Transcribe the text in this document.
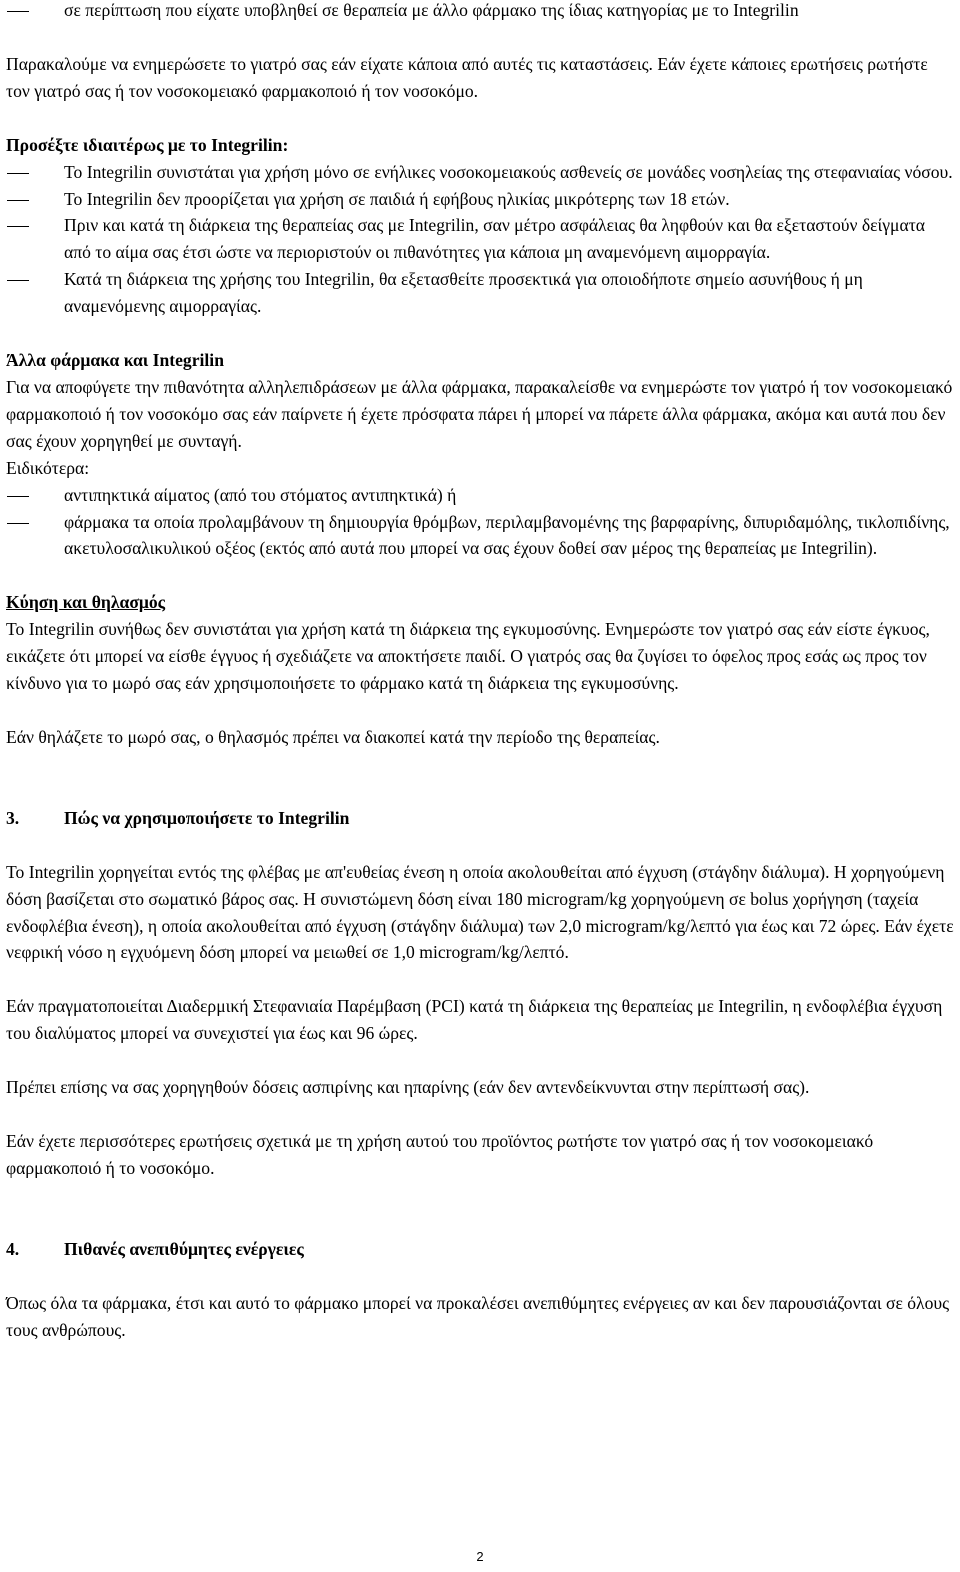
σε περίπτωση που είχατε υποβληθεί σε θεραπεία με άλλο φάρμακο της ίδιας κατηγορίας με το Integrilin

Παρακαλούμε να ενημερώσετε το γιατρό σας εάν είχατε κάποια από αυτές τις καταστάσεις. Εάν έχετε κάποιες ερωτήσεις ρωτήστε τον γιατρό σας ή τον νοσοκομειακό φαρμακοποιό ή τον νοσοκόμο.

Προσέξτε ιδιαιτέρως με το Integrilin:

Το Integrilin συνιστάται για χρήση μόνο σε ενήλικες νοσοκομειακούς ασθενείς σε μονάδες νοσηλείας της στεφανιαίας νόσου.
Το Integrilin δεν προορίζεται για χρήση σε παιδιά ή εφήβους ηλικίας μικρότερης των 18 ετών.
Πριν και κατά τη διάρκεια της θεραπείας σας με Integrilin, σαν μέτρο ασφάλειας θα ληφθούν και θα εξεταστούν δείγματα από το αίμα σας έτσι ώστε να περιοριστούν οι πιθανότητες για κάποια μη αναμενόμενη αιμορραγία.
Κατά τη διάρκεια της χρήσης του Integrilin, θα εξετασθείτε προσεκτικά για οποιοδήποτε σημείο ασυνήθους ή μη αναμενόμενης αιμορραγίας.

Άλλα φάρμακα και Integrilin

Για να αποφύγετε την πιθανότητα αλληλεπιδράσεων με άλλα φάρμακα, παρακαλείσθε να ενημερώστε τον γιατρό ή τον νοσοκομειακό φαρμακοποιό ή τον νοσοκόμο σας εάν παίρνετε ή έχετε πρόσφατα πάρει ή μπορεί να πάρετε άλλα φάρμακα, ακόμα και αυτά που δεν σας έχουν χορηγηθεί με συνταγή.

Ειδικότερα:

αντιπηκτικά αίματος (από του στόματος αντιπηκτικά) ή
φάρμακα τα οποία προλαμβάνουν τη δημιουργία θρόμβων, περιλαμβανομένης της βαρφαρίνης, διπυριδαμόλης, τικλοπιδίνης, ακετυλοσαλικυλικού οξέος (εκτός από αυτά που μπορεί να σας έχουν δοθεί σαν μέρος της θεραπείας με Integrilin).

Κύηση και θηλασμός

Το Integrilin συνήθως δεν συνιστάται για χρήση κατά τη διάρκεια της εγκυμοσύνης. Ενημερώστε τον γιατρό σας εάν είστε έγκυος, εικάζετε ότι μπορεί να είσθε έγγυος ή σχεδιάζετε να αποκτήσετε παιδί. Ο γιατρός σας θα ζυγίσει το όφελος προς εσάς ως προς τον κίνδυνο για το μωρό σας εάν χρησιμοποιήσετε το φάρμακο κατά τη διάρκεια της εγκυμοσύνης.

Εάν θηλάζετε το μωρό σας, ο θηλασμός πρέπει να διακοπεί κατά την περίοδο της θεραπείας.

3.	Πώς να χρησιμοποιήσετε το Integrilin

Το Integrilin χορηγείται εντός της φλέβας με απ'ευθείας ένεση η οποία ακολουθείται από έγχυση (στάγδην διάλυμα). Η χορηγούμενη δόση βασίζεται στο σωματικό βάρος σας. Η συνιστώμενη δόση είναι 180 microgram/kg χορηγούμενη σε bolus χορήγηση (ταχεία ενδοφλέβια ένεση), η οποία ακολουθείται από έγχυση (στάγδην διάλυμα) των 2,0 microgram/kg/λεπτό για έως και 72 ώρες. Εάν έχετε νεφρική νόσο η εγχυόμενη δόση μπορεί να μειωθεί σε 1,0 microgram/kg/λεπτό.

Εάν πραγματοποιείται Διαδερμική Στεφανιαία Παρέμβαση (PCI) κατά τη διάρκεια της θεραπείας με Integrilin, η ενδοφλέβια έγχυση του διαλύματος μπορεί να συνεχιστεί για έως και 96 ώρες.

Πρέπει επίσης να σας χορηγηθούν δόσεις ασπιρίνης και ηπαρίνης (εάν δεν αντενδείκνυνται στην περίπτωσή σας).

Εάν έχετε περισσότερες ερωτήσεις σχετικά με τη χρήση αυτού του προϊόντος ρωτήστε τον γιατρό σας ή τον νοσοκομειακό φαρμακοποιό ή το νοσοκόμο.

4.	Πιθανές ανεπιθύμητες ενέργειες

Όπως όλα τα φάρμακα, έτσι και αυτό το φάρμακο μπορεί να προκαλέσει ανεπιθύμητες ενέργειες αν και δεν παρουσιάζονται σε όλους τους ανθρώπους.

2
